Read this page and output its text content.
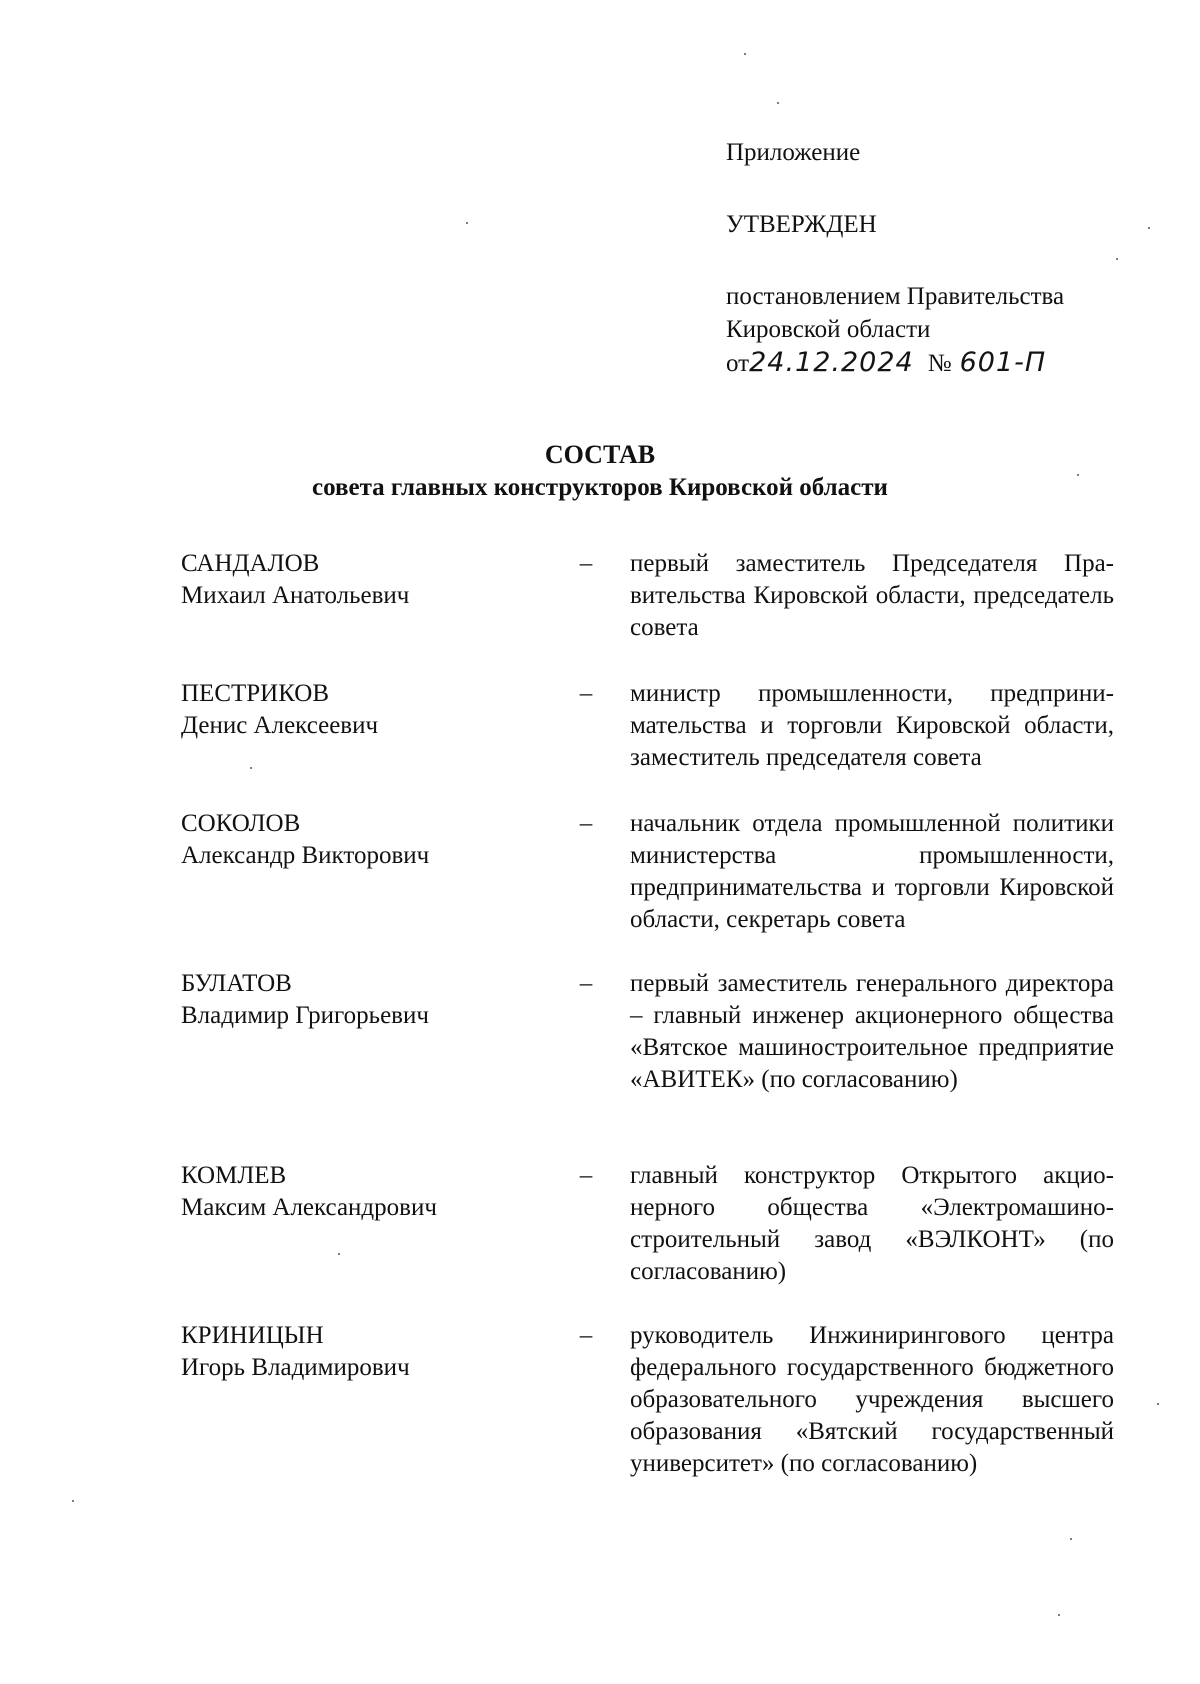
Приложение
УТВЕРЖДЕН
постановлением Правительства
Кировской области
от24.12.2024 № 601-П
СОСТАВ
совета главных конструкторов Кировской области
САНДАЛОВ
Михаил Анатольевич
– первый заместитель Председателя Правительства Кировской области, председатель совета
ПЕСТРИКОВ
Денис Алексеевич
– министр промышленности, предпринимательства и торговли Кировской области, заместитель председателя совета
СОКОЛОВ
Александр Викторович
– начальник отдела промышленной политики министерства промышленности, предпринимательства и торговли Кировской области, секретарь совета
БУЛАТОВ
Владимир Григорьевич
– первый заместитель генерального директора – главный инженер акционерного общества «Вятское машиностроительное предприятие «АВИТЕК» (по согласованию)
КОМЛЕВ
Максим Александрович
– главный конструктор Открытого акционерного общества «Электромашиностроительный завод «ВЭЛКОНТ» (по согласованию)
КРИНИЦЫН
Игорь Владимирович
– руководитель Инжинирингового центра федерального государственного бюджетного образовательного учреждения высшего образования «Вятский государственный университет» (по согласованию)
